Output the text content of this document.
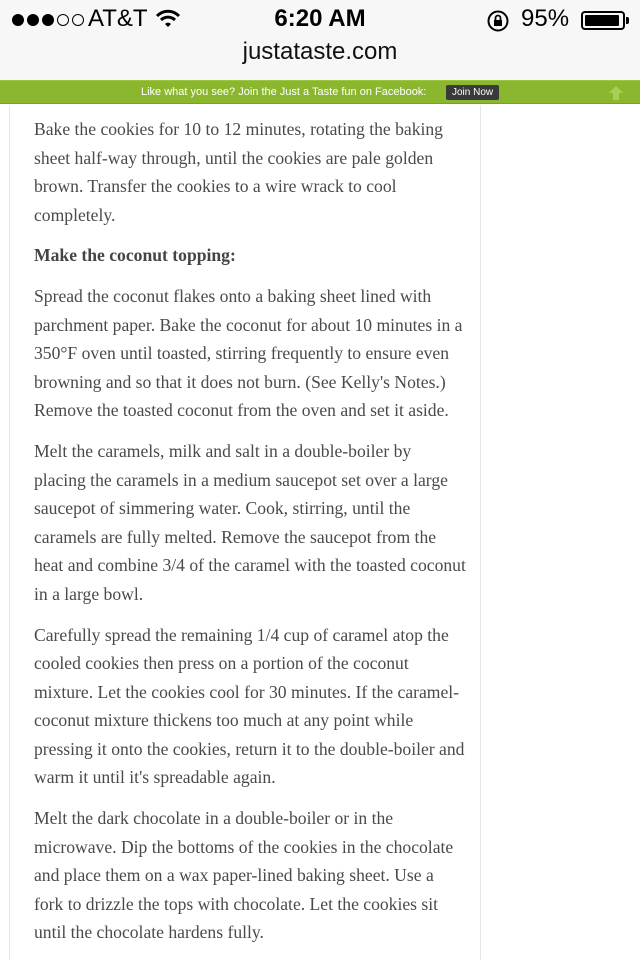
AT&T	6:20 AM	95%
justataste.com
Like what you see? Join the Just a Taste fun on Facebook:	Join Now

Bake the cookies for 10 to 12 minutes, rotating the baking sheet half-way through, until the cookies are pale golden brown. Transfer the cookies to a wire wrack to cool completely.

Make the coconut topping:

Spread the coconut flakes onto a baking sheet lined with parchment paper. Bake the coconut for about 10 minutes in a 350°F oven until toasted, stirring frequently to ensure even browning and so that it does not burn. (See Kelly's Notes.) Remove the toasted coconut from the oven and set it aside.

Melt the caramels, milk and salt in a double-boiler by placing the caramels in a medium saucepot set over a large saucepot of simmering water. Cook, stirring, until the caramels are fully melted. Remove the saucepot from the heat and combine 3/4 of the caramel with the toasted coconut in a large bowl.

Carefully spread the remaining 1/4 cup of caramel atop the cooled cookies then press on a portion of the coconut mixture. Let the cookies cool for 30 minutes. If the caramel-coconut mixture thickens too much at any point while pressing it onto the cookies, return it to the double-boiler and warm it until it's spreadable again.

Melt the dark chocolate in a double-boiler or in the microwave. Dip the bottoms of the cookies in the chocolate and place them on a wax paper-lined baking sheet. Use a fork to drizzle the tops with chocolate. Let the cookies sit until the chocolate hardens fully.
